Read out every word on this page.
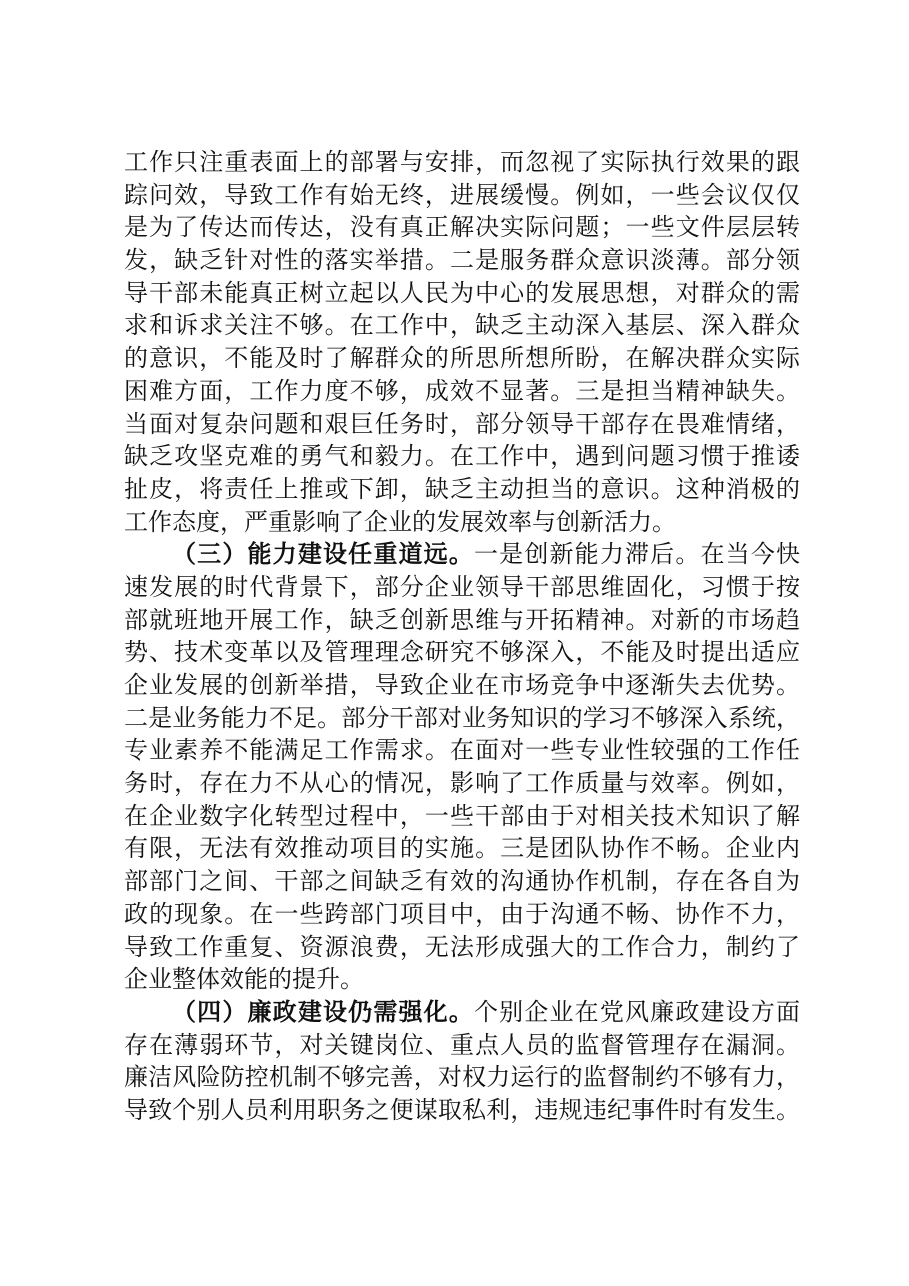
工作只注重表面上的部署与安排，而忽视了实际执行效果的跟
踪问效，导致工作有始无终，进展缓慢。例如，一些会议仅仅
是为了传达而传达，没有真正解决实际问题；一些文件层层转
发，缺乏针对性的落实举措。二是服务群众意识淡薄。部分领
导干部未能真正树立起以人民为中心的发展思想，对群众的需
求和诉求关注不够。在工作中，缺乏主动深入基层、深入群众
的意识，不能及时了解群众的所思所想所盼，在解决群众实际
困难方面，工作力度不够，成效不显著。三是担当精神缺失。
当面对复杂问题和艰巨任务时，部分领导干部存在畏难情绪，
缺乏攻坚克难的勇气和毅力。在工作中，遇到问题习惯于推诿
扯皮，将责任上推或下卸，缺乏主动担当的意识。这种消极的
工作态度，严重影响了企业的发展效率与创新活力。
（三）能力建设任重道远。一是创新能力滞后。在当今快
速发展的时代背景下，部分企业领导干部思维固化，习惯于按
部就班地开展工作，缺乏创新思维与开拓精神。对新的市场趋
势、技术变革以及管理理念研究不够深入，不能及时提出适应
企业发展的创新举措，导致企业在市场竞争中逐渐失去优势。
二是业务能力不足。部分干部对业务知识的学习不够深入系统，
专业素养不能满足工作需求。在面对一些专业性较强的工作任
务时，存在力不从心的情况，影响了工作质量与效率。例如，
在企业数字化转型过程中，一些干部由于对相关技术知识了解
有限，无法有效推动项目的实施。三是团队协作不畅。企业内
部部门之间、干部之间缺乏有效的沟通协作机制，存在各自为
政的现象。在一些跨部门项目中，由于沟通不畅、协作不力，
导致工作重复、资源浪费，无法形成强大的工作合力，制约了
企业整体效能的提升。
（四）廉政建设仍需强化。个别企业在党风廉政建设方面
存在薄弱环节，对关键岗位、重点人员的监督管理存在漏洞。
廉洁风险防控机制不够完善，对权力运行的监督制约不够有力，
导致个别人员利用职务之便谋取私利，违规违纪事件时有发生。
